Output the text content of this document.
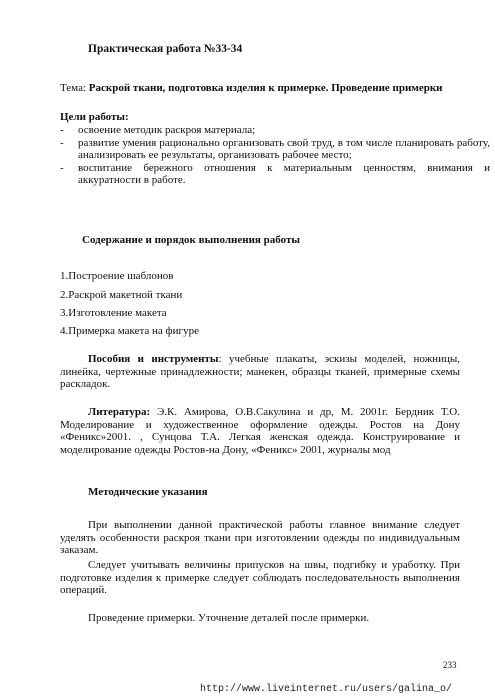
Практическая работа №33-34
Тема: Раскрой ткани, подготовка изделия к примерке. Проведение примерки
Цели работы:
- освоение методик раскроя материала;
- развитие умения рационально организовать свой труд, в том числе планировать работу, анализировать ее результаты, организовать рабочее место;
- воспитание бережного отношения к материальным ценностям, внимания и аккуратности в работе.
Содержание и порядок выполнения работы
1.Построение шаблонов
2.Раскрой макетной ткани
3.Изготовление макета
4.Примерка макета на фигуре
Пособия и инструменты: учебные плакаты, эскизы моделей, ножницы, линейка, чертежные принадлежности; манекен, образцы тканей, примерные схемы раскладок.
Литература: Э.К. Амирова, О.В.Сакулина и др, М. 2001г. Бердник Т.О. Моделирование и художественное оформление одежды. Ростов на Дону «Феникс»2001. , Сунцова Т.А. Легкая женская одежда. Конструирование и моделирование одежды Ростов-на Дону, «Феникс» 2001, журналы мод
Методические указания
При выполнении данной практической работы главное внимание следует уделять особенности раскроя ткани при изготовлении одежды по индивидуальным заказам.
Следует учитывать величины припусков на швы, подгибку и уработку. При подготовке изделия к примерке следует соблюдать последовательность выполнения операций.
Проведение примерки. Уточнение деталей после примерки.
233
http://www.liveinternet.ru/users/galina_o/
